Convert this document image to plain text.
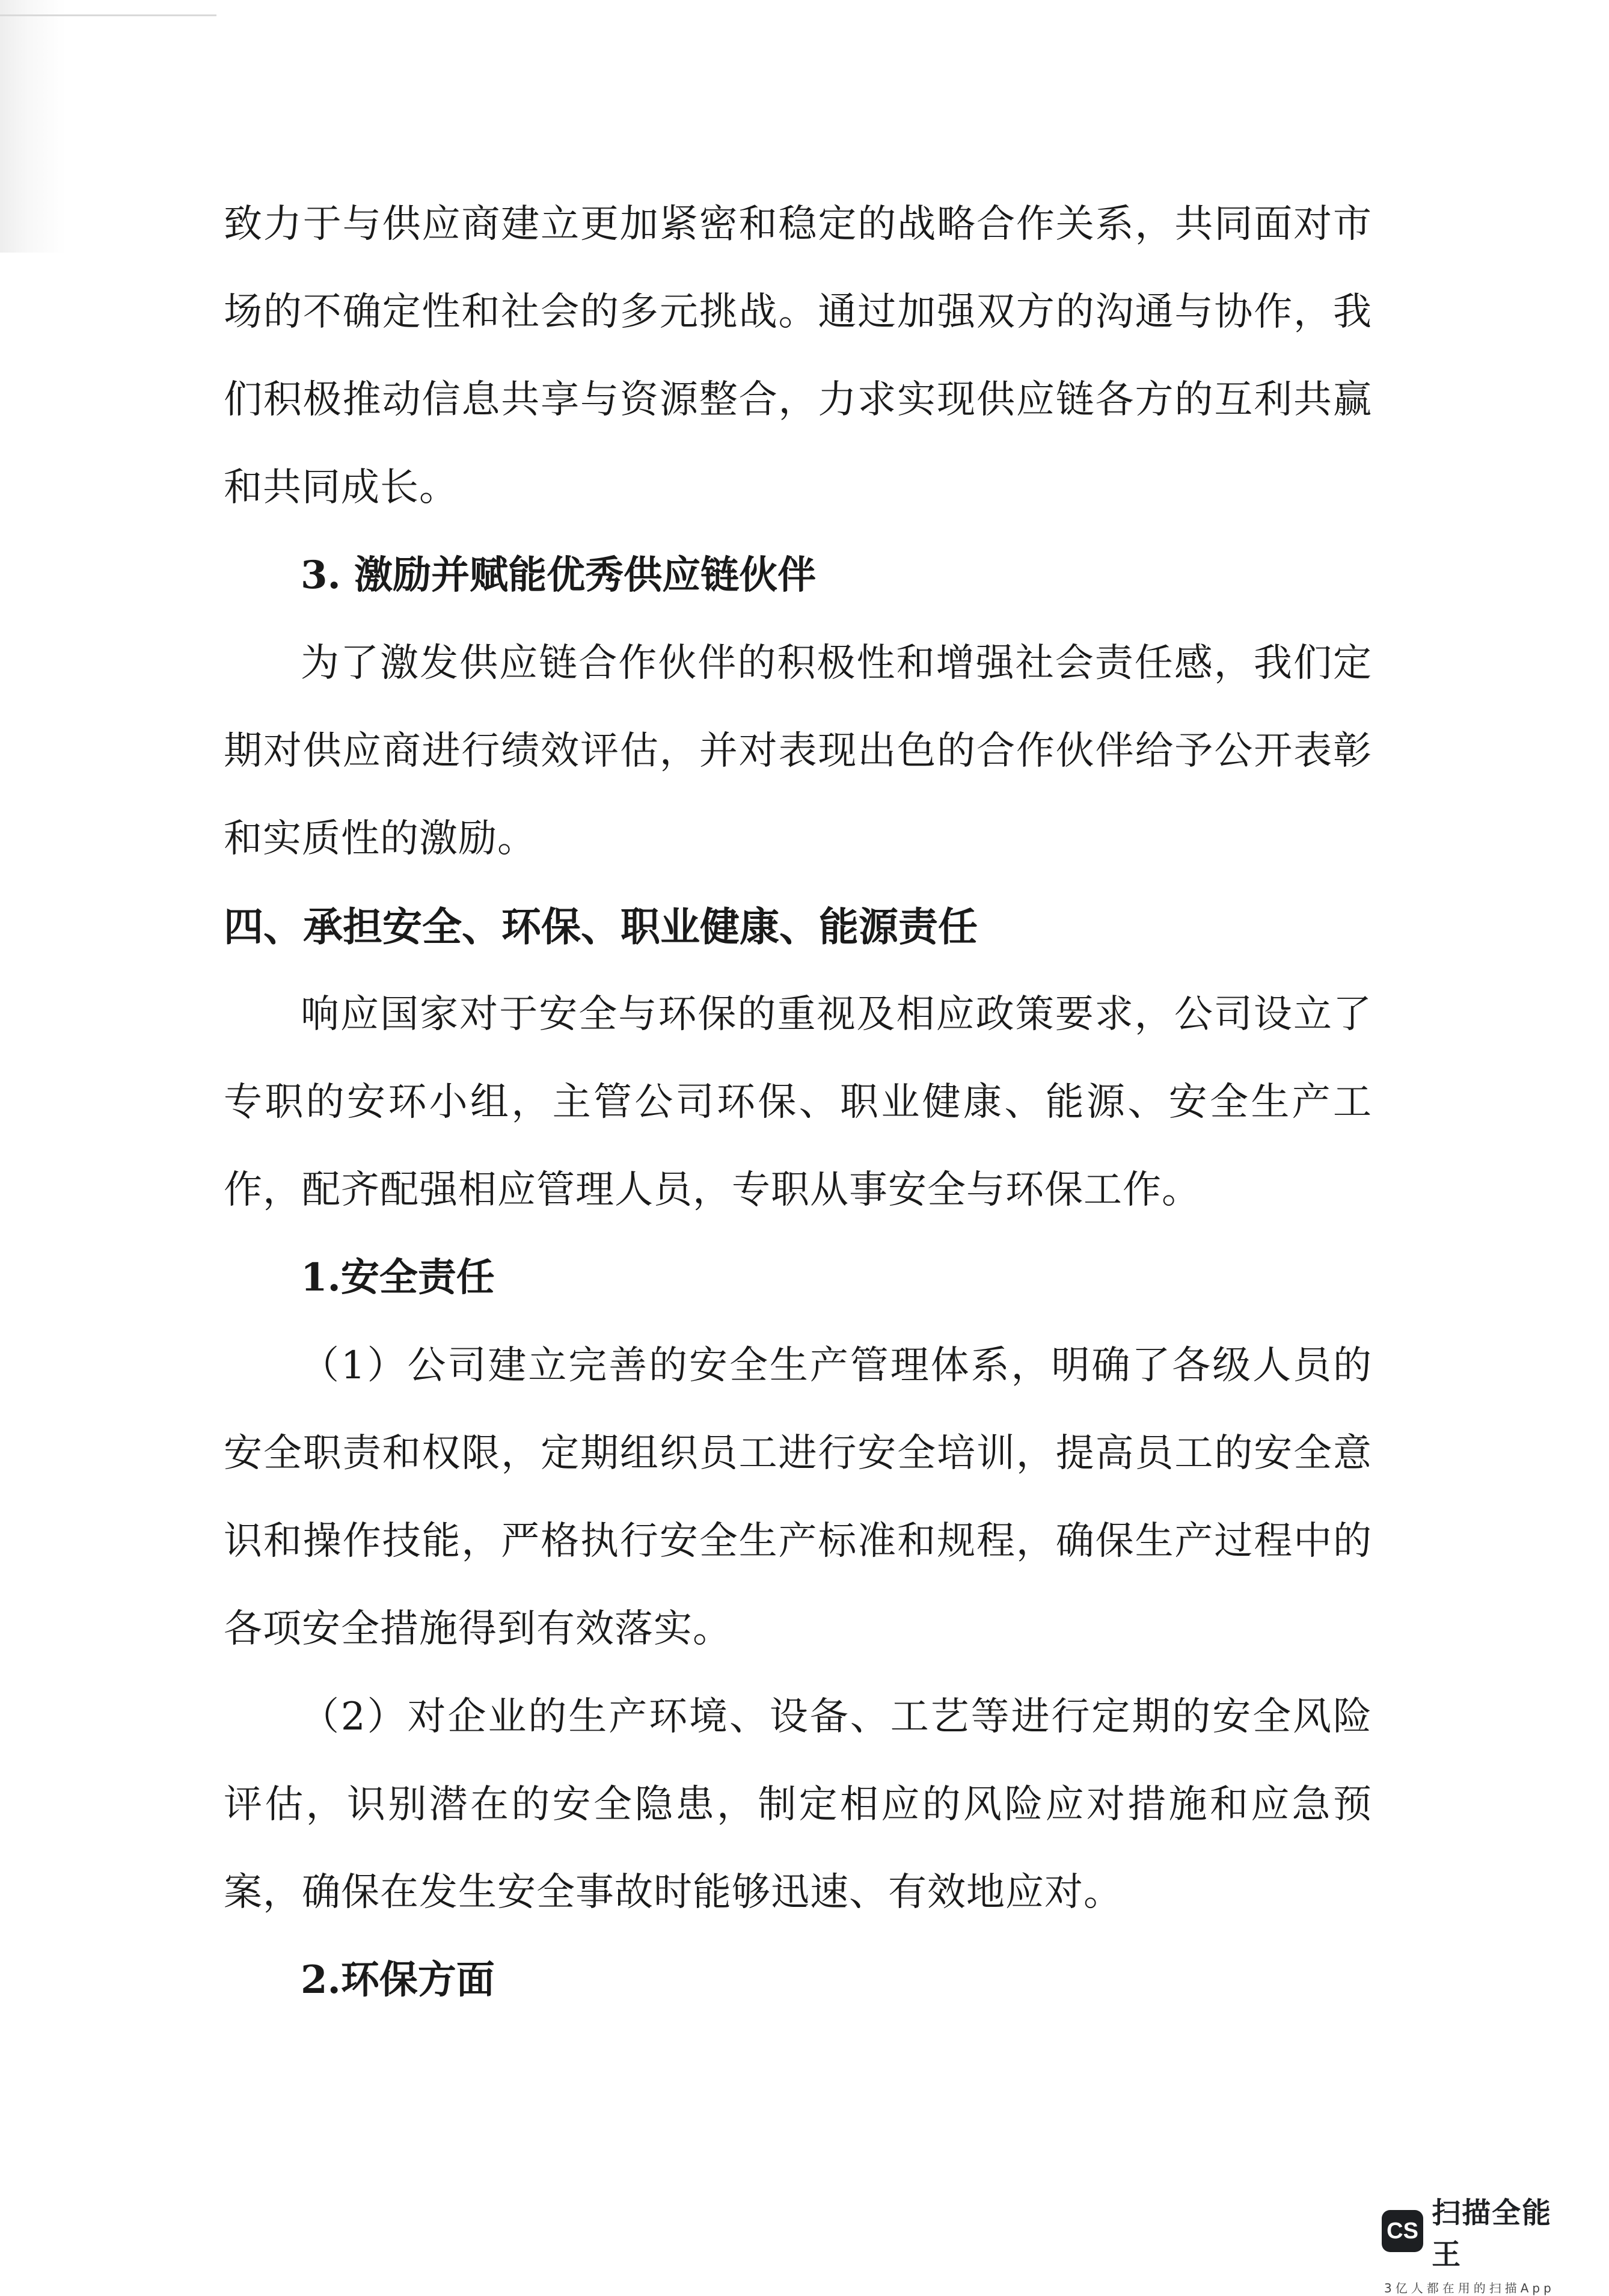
致力于与供应商建立更加紧密和稳定的战略合作关系，共同面对市场的不确定性和社会的多元挑战。通过加强双方的沟通与协作，我们积极推动信息共享与资源整合，力求实现供应链各方的互利共赢和共同成长。

3. 激励并赋能优秀供应链伙伴

为了激发供应链合作伙伴的积极性和增强社会责任感，我们定期对供应商进行绩效评估，并对表现出色的合作伙伴给予公开表彰和实质性的激励。

四、承担安全、环保、职业健康、能源责任

响应国家对于安全与环保的重视及相应政策要求，公司设立了专职的安环小组，主管公司环保、职业健康、能源、安全生产工作，配齐配强相应管理人员，专职从事安全与环保工作。

1.安全责任

（1）公司建立完善的安全生产管理体系，明确了各级人员的安全职责和权限，定期组织员工进行安全培训，提高员工的安全意识和操作技能，严格执行安全生产标准和规程，确保生产过程中的各项安全措施得到有效落实。

（2）对企业的生产环境、设备、工艺等进行定期的安全风险评估，识别潜在的安全隐患，制定相应的风险应对措施和应急预案，确保在发生安全事故时能够迅速、有效地应对。

2.环保方面

CS
扫描全能王
3亿人都在用的扫描App
